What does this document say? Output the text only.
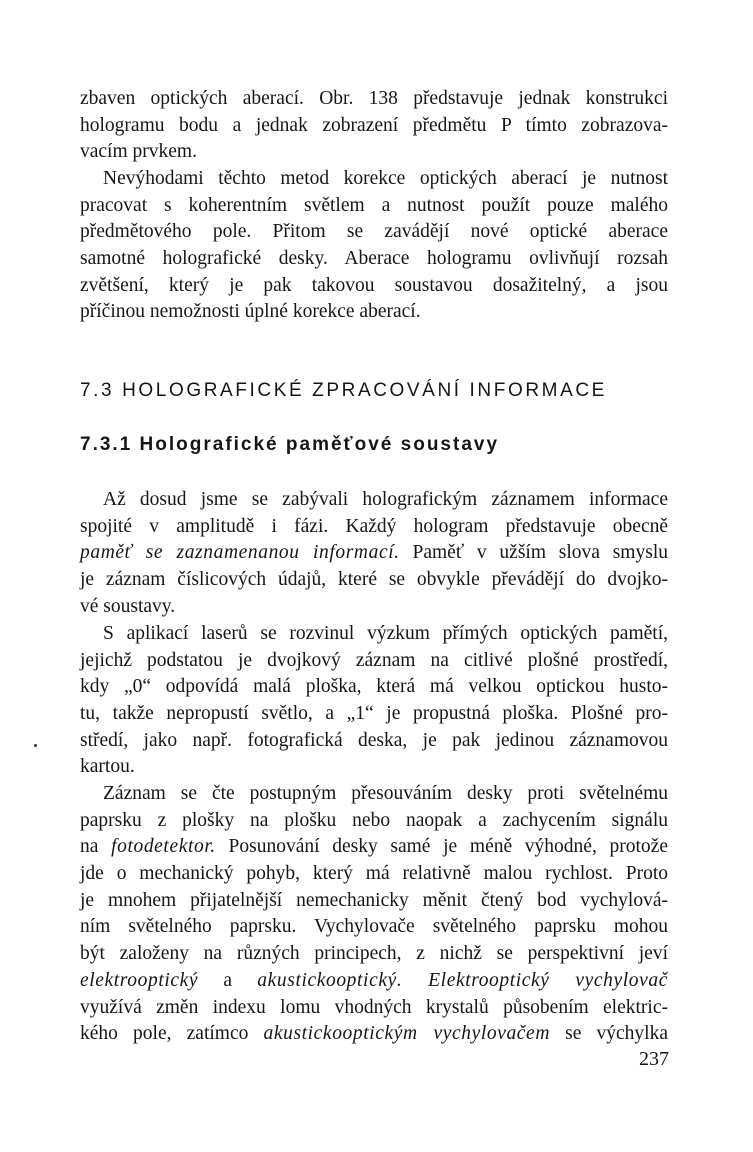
zbaven optických aberací. Obr. 138 představuje jednak konstrukci
hologramu bodu a jednak zobrazení předmětu P tímto zobrazova-
vacím prvkem.
Nevýhodami těchto metod korekce optických aberací je nutnost
pracovat s koherentním světlem a nutnost použít pouze malého
předmětového pole. Přitom se zavádějí nové optické aberace
samotné holografické desky. Aberace hologramu ovlivňují rozsah
zvětšení, který je pak takovou soustavou dosažitelný, a jsou
příčinou nemožnosti úplné korekce aberací.
7.3 HOLOGRAFICKÉ ZPRACOVÁNÍ INFORMACE
7.3.1 Holografické paměťové soustavy
Až dosud jsme se zabývali holografickým záznamem informace
spojité v amplitudě i fázi. Každý hologram představuje obecně
paměť se zaznamenanou informací. Paměť v užším slova smyslu
je záznam číslicových údajů, které se obvykle převádějí do dvojko-
vé soustavy.
S aplikací laserů se rozvinul výzkum přímých optických pamětí,
jejichž podstatou je dvojkový záznam na citlivé plošné prostředí,
kdy „0“ odpovídá malá ploška, která má velkou optickou husto-
tu, takže nepropustí světlo, a „1“ je propustná ploška. Plošné pro-
středí, jako např. fotografická deska, je pak jedinou záznamovou
kartou.
Záznam se čte postupným přesouváním desky proti světelnému
paprsku z plošky na plošku nebo naopak a zachycením signálu
na fotodetektor. Posunování desky samé je méně výhodné, protože
jde o mechanický pohyb, který má relativně malou rychlost. Proto
je mnohem přijatelnější nemechanicky měnit čtený bod vychylová-
ním světelného paprsku. Vychylovače světelného paprsku mohou
být založeny na různých principech, z nichž se perspektivní jeví
elektrooptický a akustickooptický. Elektrooptický vychylovač
využívá změn indexu lomu vhodných krystalů působením elektric-
kého pole, zatímco akustickooptickým vychylovačem se výchylka
237
